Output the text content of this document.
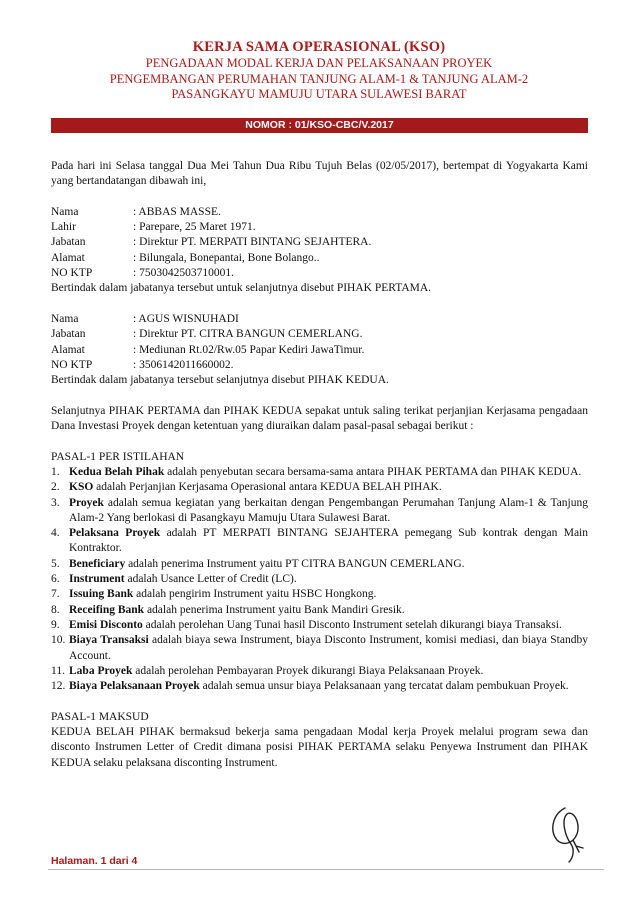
KERJA SAMA OPERASIONAL (KSO)
PENGADAAN MODAL KERJA DAN PELAKSANAAN PROYEK
PENGEMBANGAN PERUMAHAN TANJUNG ALAM-1 & TANJUNG ALAM-2
PASANGKAYU MAMUJU UTARA SULAWESI BARAT
NOMOR : 01/KSO-CBC/V.2017

Pada hari ini Selasa tanggal Dua Mei Tahun Dua Ribu Tujuh Belas (02/05/2017), bertempat di Yogyakarta Kami yang bertandatangan dibawah ini,

Nama	: ABBAS MASSE.
Lahir	: Parepare, 25 Maret 1971.
Jabatan	: Direktur PT. MERPATI BINTANG SEJAHTERA.
Alamat	: Bilungala, Bonepantai, Bone Bolango..
NO KTP	: 7503042503710001.
Bertindak dalam jabatanya tersebut untuk selanjutnya disebut PIHAK PERTAMA.
Nama	: AGUS WISNUHADI
Jabatan	: Direktur PT. CITRA BANGUN CEMERLANG.
Alamat	: Mediunan Rt.02/Rw.05 Papar Kediri JawaTimur.
NO KTP	: 3506142011660002.
Bertindak dalam jabatanya tersebut selanjutnya disebut PIHAK KEDUA.

Selanjutnya PIHAK PERTAMA dan PIHAK KEDUA sepakat untuk saling terikat perjanjian Kerjasama pengadaan Dana Investasi Proyek dengan ketentuan yang diuraikan dalam pasal-pasal sebagai berikut :

PASAL-1 PER ISTILAHAN
1. Kedua Belah Pihak adalah penyebutan secara bersama-sama antara PIHAK PERTAMA dan PIHAK KEDUA.
2. KSO adalah Perjanjian Kerjasama Operasional antara KEDUA BELAH PIHAK.
3. Proyek adalah semua kegiatan yang berkaitan dengan Pengembangan Perumahan Tanjung Alam-1 & Tanjung Alam-2 Yang berlokasi di Pasangkayu Mamuju Utara Sulawesi Barat.
4. Pelaksana Proyek adalah PT MERPATI BINTANG SEJAHTERA pemegang Sub kontrak dengan Main Kontraktor.
5. Beneficiary adalah penerima Instrument yaitu PT CITRA BANGUN CEMERLANG.
6. Instrument adalah Usance Letter of Credit (LC).
7. Issuing Bank adalah pengirim Instrument yaitu HSBC Hongkong.
8. Receifing Bank adalah penerima Instrument yaitu Bank Mandiri Gresik.
9. Emisi Disconto adalah perolehan Uang Tunai hasil Disconto Instrument setelah dikurangi biaya Transaksi.
10. Biaya Transaksi adalah biaya sewa Instrument, biaya Disconto Instrument, komisi mediasi, dan biaya Standby Account.
11. Laba Proyek adalah perolehan Pembayaran Proyek dikurangi Biaya Pelaksanaan Proyek.
12. Biaya Pelaksanaan Proyek adalah semua unsur biaya Pelaksanaan yang tercatat dalam pembukuan Proyek.
PASAL-1 MAKSUD

KEDUA BELAH PIHAK bermaksud bekerja sama pengadaan Modal kerja Proyek melalui program sewa dan disconto Instrumen Letter of Credit dimana posisi PIHAK PERTAMA selaku Penyewa Instrument dan PIHAK KEDUA selaku pelaksana disconting Instrument.

Halaman. 1 dari 4
